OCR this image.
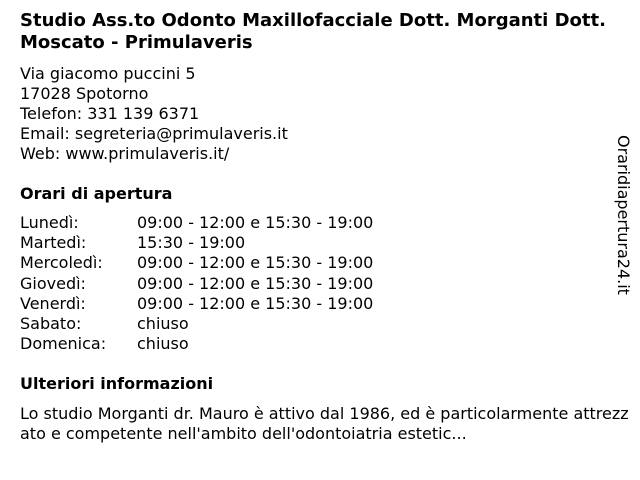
Studio Ass.to Odonto Maxillofacciale Dott. Morganti Dott. Moscato - Primulaveris
Via giacomo puccini 5
17028 Spotorno
Telefon: 331 139 6371
Email: segreteria@primulaveris.it
Web: www.primulaveris.it/
Orari di apertura
Lunedì:	09:00 - 12:00 e 15:30 - 19:00
Martedì:	15:30 - 19:00
Mercoledì:	09:00 - 12:00 e 15:30 - 19:00
Giovedì:	09:00 - 12:00 e 15:30 - 19:00
Venerdì:	09:00 - 12:00 e 15:30 - 19:00
Sabato:	chiuso
Domenica:	chiuso
Ulteriori informazioni
Lo studio Morganti dr. Mauro è attivo dal 1986, ed è particolarmente attrezzato e competente nell'ambito dell'odontoiatria estetic...
Oraridiapertura24.it
